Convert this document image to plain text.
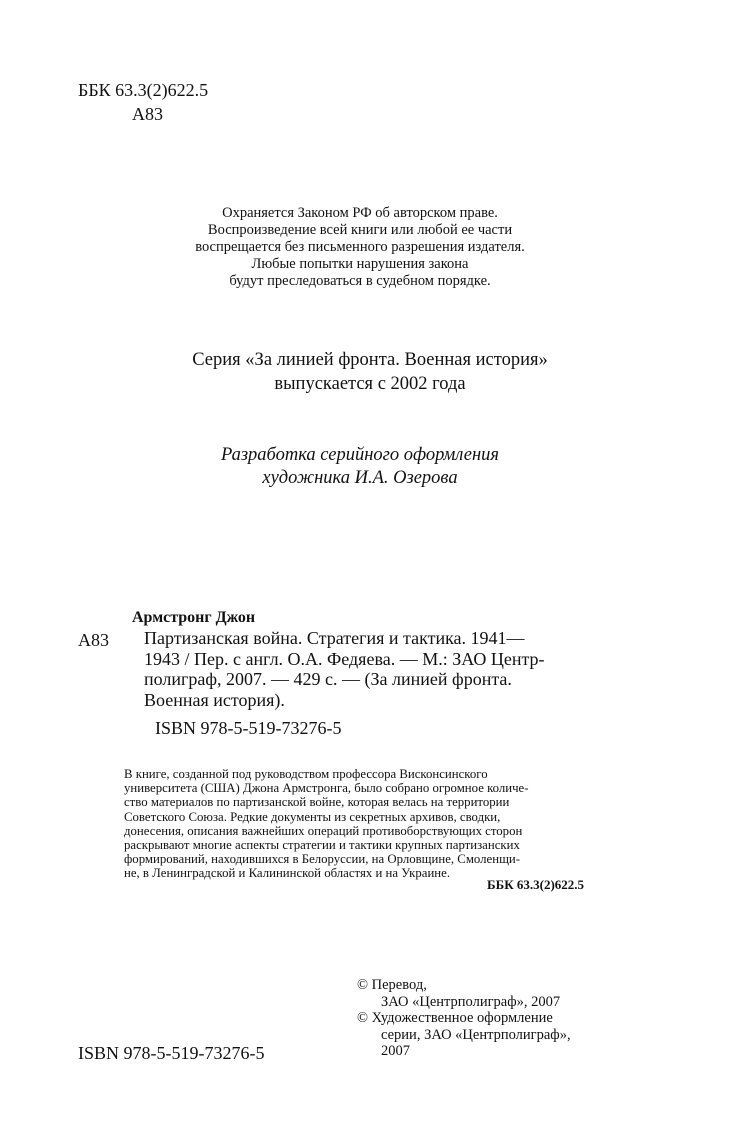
ББК 63.3(2)622.5
А83
Охраняется Законом РФ об авторском праве.
Воспроизведение всей книги или любой ее части
воспрещается без письменного разрешения издателя.
Любые попытки нарушения закона
будут преследоваться в судебном порядке.
Серия «За линией фронта. Военная история»
выпускается с 2002 года
Разработка серийного оформления
художника И.А. Озерова
Армстронг Джон
А83 Партизанская война. Стратегия и тактика. 1941—
1943 / Пер. с англ. О.А. Федяева. — М.: ЗАО Центр-
полиграф, 2007. — 429 с. — (За линией фронта.
Военная история).
ISBN 978-5-519-73276-5
В книге, созданной под руководством профессора Висконсинского
университета (США) Джона Армстронга, было собрано огромное количе-
ство материалов по партизанской войне, которая велась на территории
Советского Союза. Редкие документы из секретных архивов, сводки,
донесения, описания важнейших операций противоборствующих сторон
раскрывают многие аспекты стратегии и тактики крупных партизанских
формирований, находившихся в Белоруссии, на Орловщине, Смоленщи-
не, в Ленинградской и Калининской областях и на Украине.
ББК 63.3(2)622.5
© Перевод,
ЗАО «Центрполиграф», 2007
© Художественное оформление
серии, ЗАО «Центрполиграф»,
2007
ISBN 978-5-519-73276-5
